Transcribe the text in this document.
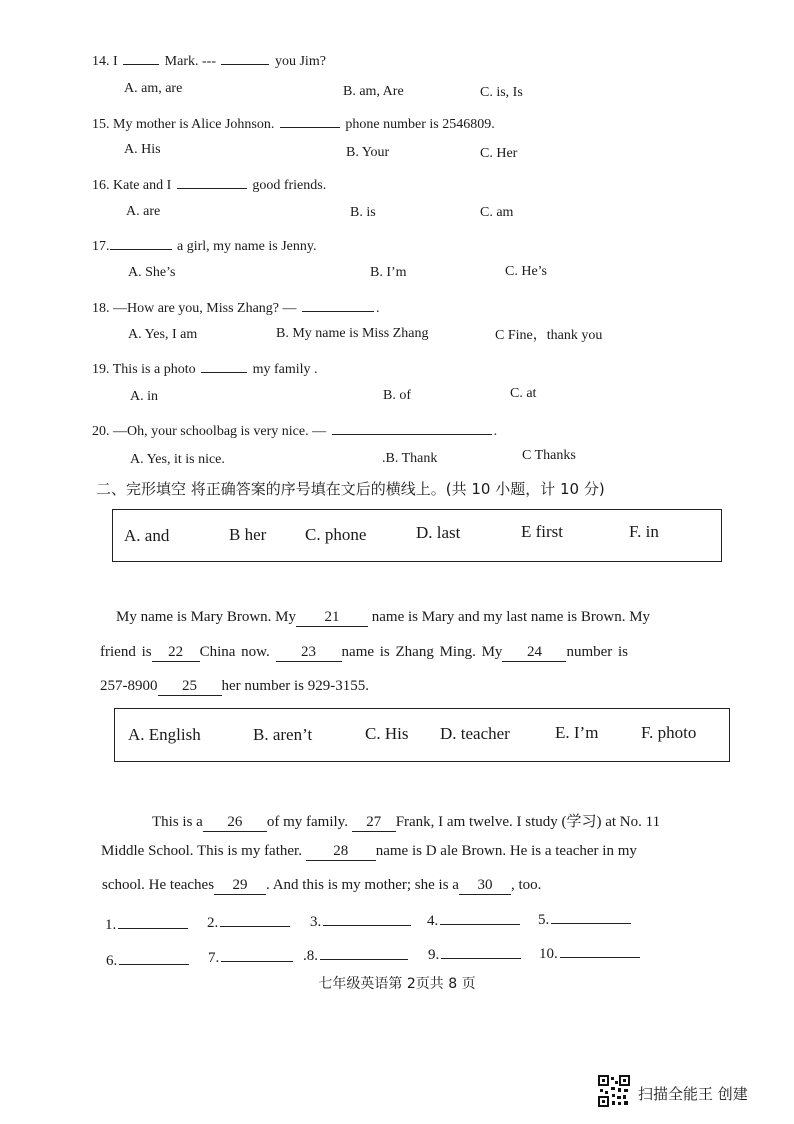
14. I	Mark. ---	you Jim?
A. am, are	B. am, Are	C. is, Is
15. My mother is Alice Johnson.	phone number is 2546809.
A. His	B. Your	C. Her
16. Kate and I	good friends.
A. are	B. is	C. am
17.	a girl, my name is Jenny.
A. She’s	B. I’m	C. He’s
18. —How are you, Miss Zhang? —	.
A. Yes, I am	B. My name is Miss Zhang	C Fine，thank you
19. This is a photo	my family .
A. in	B. of	C. at
20. —Oh, your schoolbag is very nice. —	.
A. Yes, it is nice.	.B. Thank	C Thanks
二、完形填空 将正确答案的序号填在文后的横线上。(共 10 小题，计 10 分)
A. and	B her C. phone	D. last	E first	F. in
My name is Mary Brown. My 21 name is Mary and my last name is Brown. My
friend is 22 China now. 23 name is Zhang Ming. My 24 number is
257-8900 25 her number is 929-3155.
A. English	B. aren’t	C. His D. teacher	E. I’m	F. photo
This is a 26 of my family. 27 Frank, I am twelve. I study (学习) at No. 11
Middle School. This is my father. 28 name is D ale Brown. He is a teacher in my
school. He teaches 29 . And this is my mother; she is a 30 , too.
1.	2.	3.	4.	5.
6.	7.	.8.	9.	10.
七年级英语第 2页共 8 页
扫描全能王 创建
